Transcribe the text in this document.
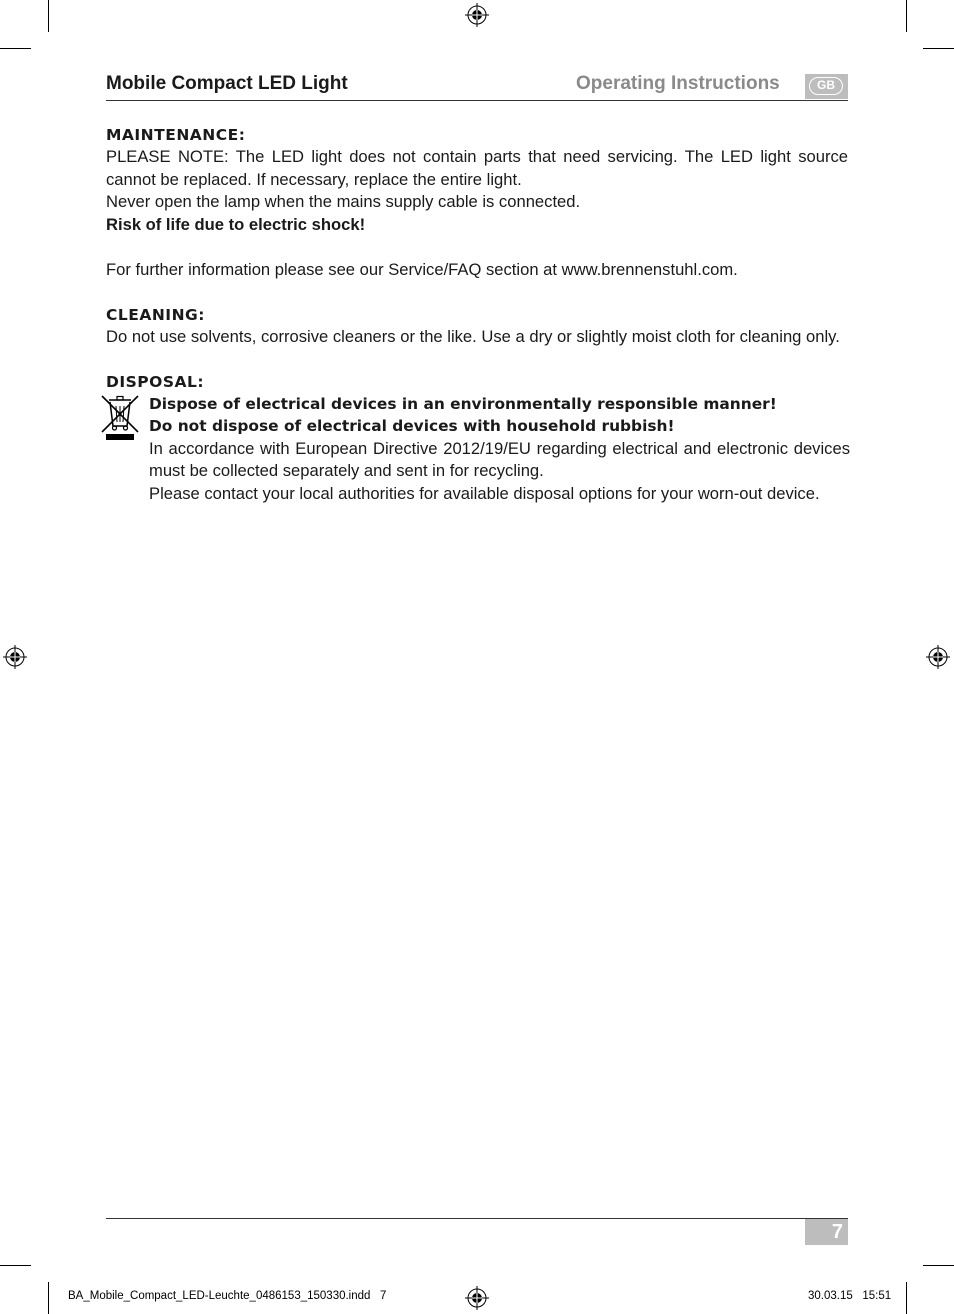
Mobile Compact LED Light	Operating Instructions	GB
MAINTENANCE:

PLEASE NOTE: The LED light does not contain parts that need servicing. The LED light source cannot be replaced. If necessary, replace the entire light.

Never open the lamp when the mains supply cable is connected.

Risk of life due to electric shock!

For further information please see our Service/FAQ section at www.brennenstuhl.com.

CLEANING:

Do not use solvents, corrosive cleaners or the like. Use a dry or slightly moist cloth for cleaning only.

DISPOSAL:

Dispose of electrical devices in an environmentally responsible manner!

Do not dispose of electrical devices with household rubbish!

In accordance with European Directive 2012/19/EU regarding electrical and electronic devices must be collected separately and sent in for recycling.

Please contact your local authorities for available disposal options for your worn-out device.

7
BA_Mobile_Compact_LED-Leuchte_0486153_150330.indd   7	30.03.15   15:51
